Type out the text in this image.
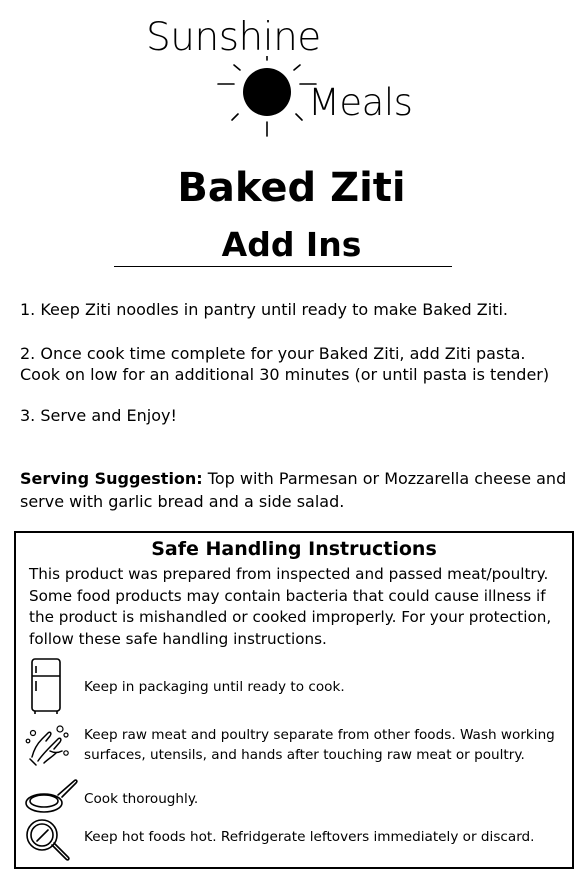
Sunshine
Meals
Baked Ziti
Add Ins
1. Keep Ziti noodles in pantry until ready to make Baked Ziti.
2. Once cook time complete for your Baked Ziti, add Ziti pasta.
Cook on low for an additional 30 minutes (or until pasta is tender)
3. Serve and Enjoy!
Serving Suggestion: Top with Parmesan or Mozzarella cheese and
serve with garlic bread and a side salad.
Safe Handling Instructions
This product was prepared from inspected and passed meat/poultry.
Some food products may contain bacteria that could cause illness if
the product is mishandled or cooked improperly. For your protection,
follow these safe handling instructions.
Keep in packaging until ready to cook.
Keep raw meat and poultry separate from other foods. Wash working
surfaces, utensils, and hands after touching raw meat or poultry.
Cook thoroughly.
Keep hot foods hot. Refridgerate leftovers immediately or discard.
